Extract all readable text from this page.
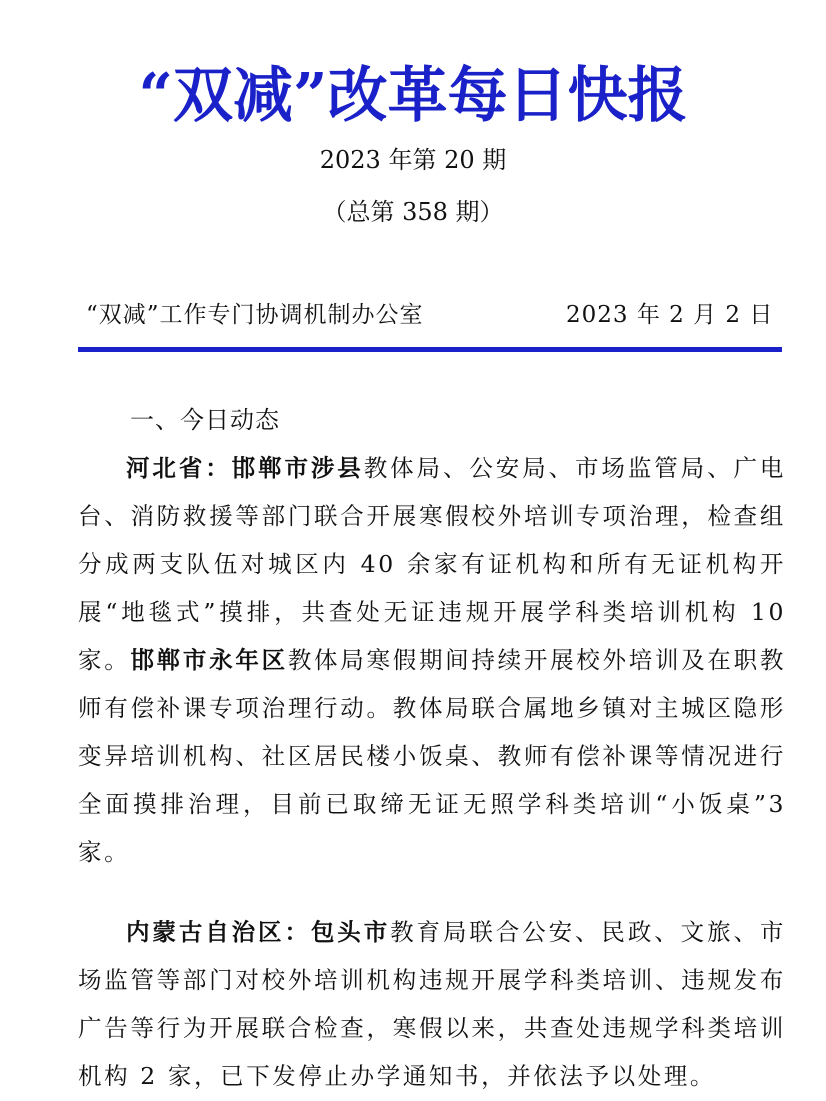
“双减”改革每日快报
2023 年第 20 期
（总第 358 期）
“双减”工作专门协调机制办公室	2023 年 2 月 2 日
一、今日动态

河北省：邯郸市涉县教体局、公安局、市场监管局、广电台、消防救援等部门联合开展寒假校外培训专项治理，检查组分成两支队伍对城区内 40 余家有证机构和所有无证机构开展“地毯式”摸排，共查处无证违规开展学科类培训机构 10 家。邯郸市永年区教体局寒假期间持续开展校外培训及在职教师有偿补课专项治理行动。教体局联合属地乡镇对主城区隐形变异培训机构、社区居民楼小饭桌、教师有偿补课等情况进行全面摸排治理，目前已取缔无证无照学科类培训“小饭桌”3 家。

内蒙古自治区：包头市教育局联合公安、民政、文旅、市场监管等部门对校外培训机构违规开展学科类培训、违规发布广告等行为开展联合检查，寒假以来，共查处违规学科类培训机构 2 家，已下发停止办学通知书，并依法予以处理。
